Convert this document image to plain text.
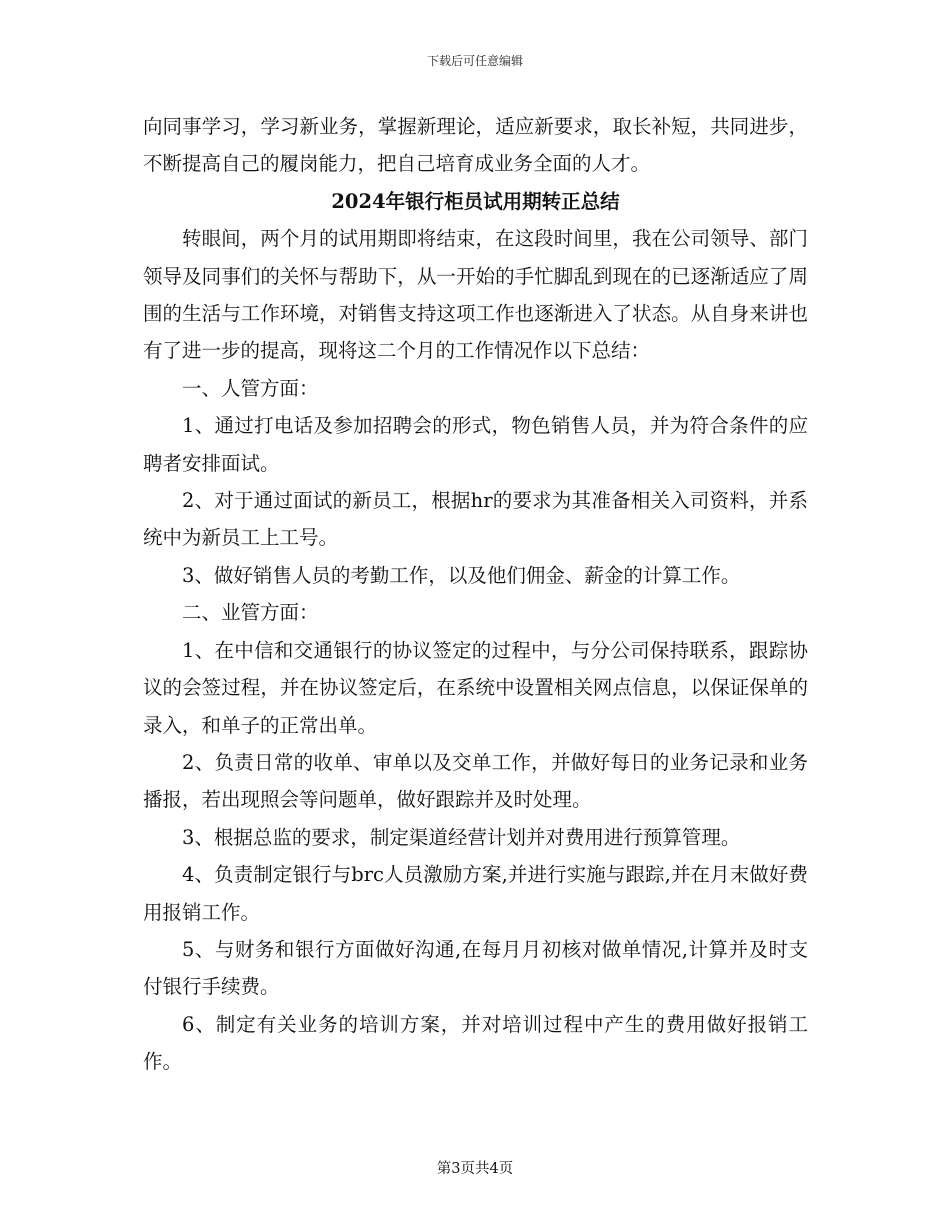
下载后可任意编辑

向同事学习，学习新业务，掌握新理论，适应新要求，取长补短，共同进步，不断提高自己的履岗能力，把自己培育成业务全面的人才。

2024年银行柜员试用期转正总结

转眼间，两个月的试用期即将结束，在这段时间里，我在公司领导、部门领导及同事们的关怀与帮助下，从一开始的手忙脚乱到现在的已逐渐适应了周围的生活与工作环境，对销售支持这项工作也逐渐进入了状态。从自身来讲也有了进一步的提高，现将这二个月的工作情况作以下总结：

一、人管方面：

1、通过打电话及参加招聘会的形式，物色销售人员，并为符合条件的应聘者安排面试。

2、对于通过面试的新员工，根据hr的要求为其准备相关入司资料，并系统中为新员工上工号。

3、做好销售人员的考勤工作，以及他们佣金、薪金的计算工作。

二、业管方面：

1、在中信和交通银行的协议签定的过程中，与分公司保持联系，跟踪协议的会签过程，并在协议签定后，在系统中设置相关网点信息，以保证保单的录入，和单子的正常出单。

2、负责日常的收单、审单以及交单工作，并做好每日的业务记录和业务播报，若出现照会等问题单，做好跟踪并及时处理。

3、根据总监的要求，制定渠道经营计划并对费用进行预算管理。

4、负责制定银行与brc人员激励方案,并进行实施与跟踪,并在月末做好费用报销工作。

5、与财务和银行方面做好沟通,在每月月初核对做单情况,计算并及时支付银行手续费。

6、制定有关业务的培训方案，并对培训过程中产生的费用做好报销工作。

第3页共4页
